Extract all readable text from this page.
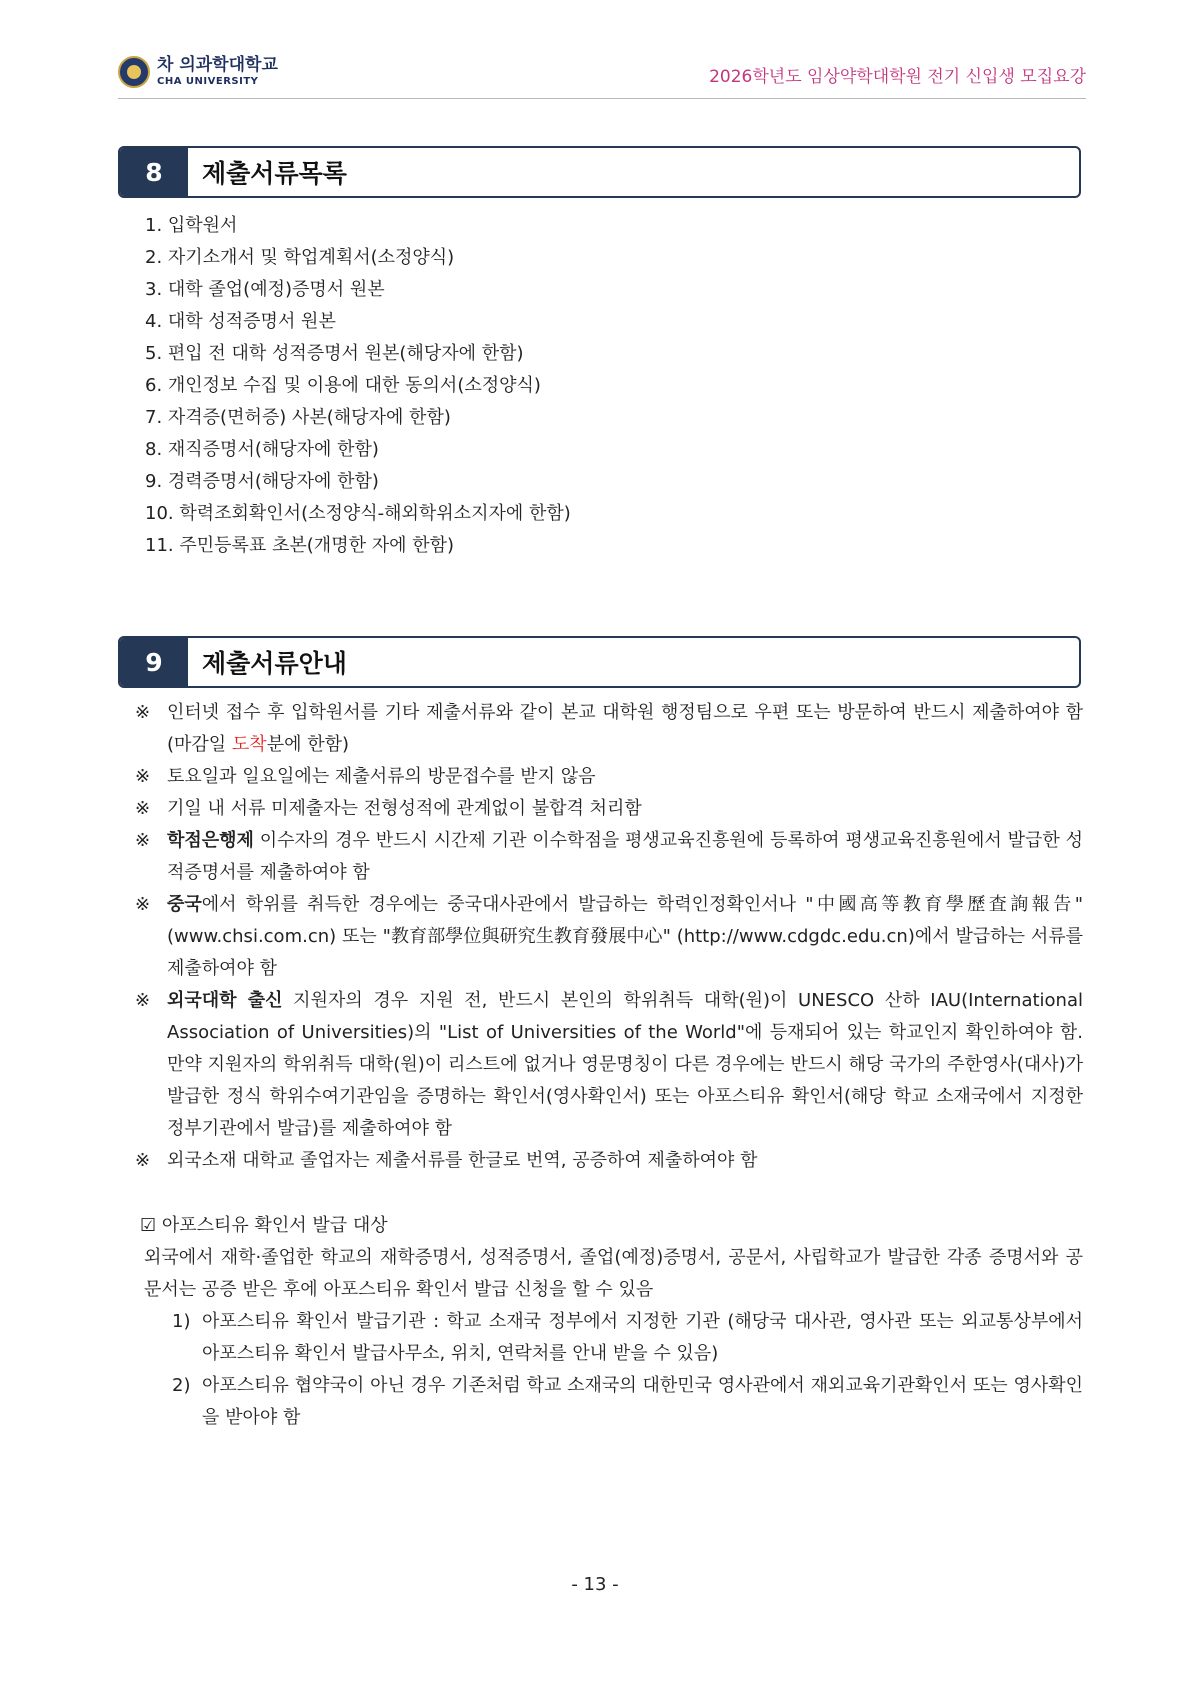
차 의과학대학교
CHA UNIVERSITY	2026학년도 임상약학대학원 전기 신입생 모집요강
8	제출서류목록
1. 입학원서
2. 자기소개서 및 학업계획서(소정양식)
3. 대학 졸업(예정)증명서 원본
4. 대학 성적증명서 원본
5. 편입 전 대학 성적증명서 원본(해당자에 한함)
6. 개인정보 수집 및 이용에 대한 동의서(소정양식)
7. 자격증(면허증) 사본(해당자에 한함)
8. 재직증명서(해당자에 한함)
9. 경력증명서(해당자에 한함)
10. 학력조회확인서(소정양식-해외학위소지자에 한함)
11. 주민등록표 초본(개명한 자에 한함)
9	제출서류안내
※ 인터넷 접수 후 입학원서를 기타 제출서류와 같이 본교 대학원 행정팀으로 우편 또는 방문하여 반드시 제출하여야 함(마감일 도착분에 한함)
※ 토요일과 일요일에는 제출서류의 방문접수를 받지 않음
※ 기일 내 서류 미제출자는 전형성적에 관계없이 불합격 처리함
※ 학점은행제 이수자의 경우 반드시 시간제 기관 이수학점을 평생교육진흥원에 등록하여 평생교육진흥원에서 발급한 성적증명서를 제출하여야 함
※ 중국에서 학위를 취득한 경우에는 중국대사관에서 발급하는 학력인정확인서나 "中國高等教育學歷査詢報告" (www.chsi.com.cn) 또는 "教育部學位與研究生教育發展中心" (http://www.cdgdc.edu.cn)에서 발급하는 서류를 제출하여야 함
※ 외국대학 출신 지원자의 경우 지원 전, 반드시 본인의 학위취득 대학(원)이 UNESCO 산하 IAU(International Association of Universities)의 "List of Universities of the World"에 등재되어 있는 학교인지 확인하여야 함. 만약 지원자의 학위취득 대학(원)이 리스트에 없거나 영문명칭이 다른 경우에는 반드시 해당 국가의 주한영사(대사)가 발급한 정식 학위수여기관임을 증명하는 확인서(영사확인서) 또는 아포스티유 확인서(해당 학교 소재국에서 지정한 정부기관에서 발급)를 제출하여야 함
※ 외국소재 대학교 졸업자는 제출서류를 한글로 번역, 공증하여 제출하여야 함
☑ 아포스티유 확인서 발급 대상
외국에서 재학·졸업한 학교의 재학증명서, 성적증명서, 졸업(예정)증명서, 공문서, 사립학교가 발급한 각종 증명서와 공문서는 공증 받은 후에 아포스티유 확인서 발급 신청을 할 수 있음
1) 아포스티유 확인서 발급기관 : 학교 소재국 정부에서 지정한 기관 (해당국 대사관, 영사관 또는 외교통상부에서 아포스티유 확인서 발급사무소, 위치, 연락처를 안내 받을 수 있음)
2) 아포스티유 협약국이 아닌 경우 기존처럼 학교 소재국의 대한민국 영사관에서 재외교육기관확인서 또는 영사확인을 받아야 함
- 13 -
